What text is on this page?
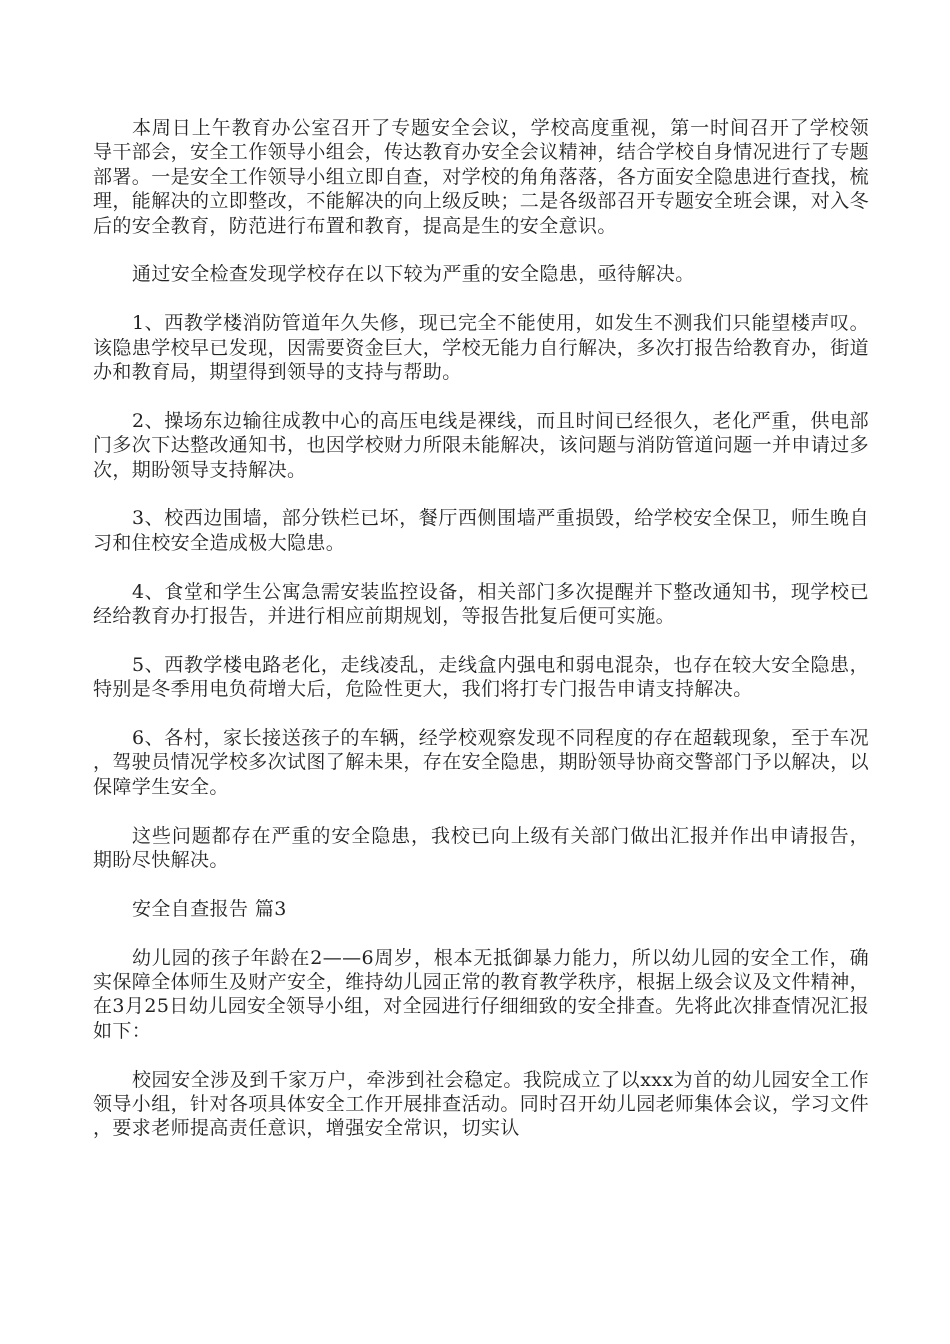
本周日上午教育办公室召开了专题安全会议，学校高度重视，第一时间召开了学校领导干部会，安全工作领导小组会，传达教育办安全会议精神，结合学校自身情况进行了专题部署。一是安全工作领导小组立即自查，对学校的角角落落，各方面安全隐患进行查找，梳理，能解决的立即整改，不能解决的向上级反映；二是各级部召开专题安全班会课，对入冬后的安全教育，防范进行布置和教育，提高是生的安全意识。

通过安全检查发现学校存在以下较为严重的安全隐患，亟待解决。

1、西教学楼消防管道年久失修，现已完全不能使用，如发生不测我们只能望楼声叹。该隐患学校早已发现，因需要资金巨大，学校无能力自行解决，多次打报告给教育办，街道办和教育局，期望得到领导的支持与帮助。

2、操场东边输往成教中心的高压电线是裸线，而且时间已经很久，老化严重，供电部门多次下达整改通知书，也因学校财力所限未能解决，该问题与消防管道问题一并申请过多次，期盼领导支持解决。

3、校西边围墙，部分铁栏已坏，餐厅西侧围墙严重损毁，给学校安全保卫，师生晚自习和住校安全造成极大隐患。

4、食堂和学生公寓急需安装监控设备，相关部门多次提醒并下整改通知书，现学校已经给教育办打报告，并进行相应前期规划，等报告批复后便可实施。

5、西教学楼电路老化，走线凌乱，走线盒内强电和弱电混杂，也存在较大安全隐患，特别是冬季用电负荷增大后，危险性更大，我们将打专门报告申请支持解决。

6、各村，家长接送孩子的车辆，经学校观察发现不同程度的存在超载现象，至于车况，驾驶员情况学校多次试图了解未果，存在安全隐患，期盼领导协商交警部门予以解决，以保障学生安全。

这些问题都存在严重的安全隐患，我校已向上级有关部门做出汇报并作出申请报告，期盼尽快解决。

安全自查报告 篇3

幼儿园的孩子年龄在2——6周岁，根本无抵御暴力能力，所以幼儿园的安全工作，确实保障全体师生及财产安全，维持幼儿园正常的教育教学秩序，根据上级会议及文件精神，在3月25日幼儿园安全领导小组，对全园进行仔细细致的安全排查。先将此次排查情况汇报如下：

校园安全涉及到千家万户，牵涉到社会稳定。我院成立了以xxx为首的幼儿园安全工作领导小组，针对各项具体安全工作开展排查活动。同时召开幼儿园老师集体会议，学习文件，要求老师提高责任意识，增强安全常识，切实认
